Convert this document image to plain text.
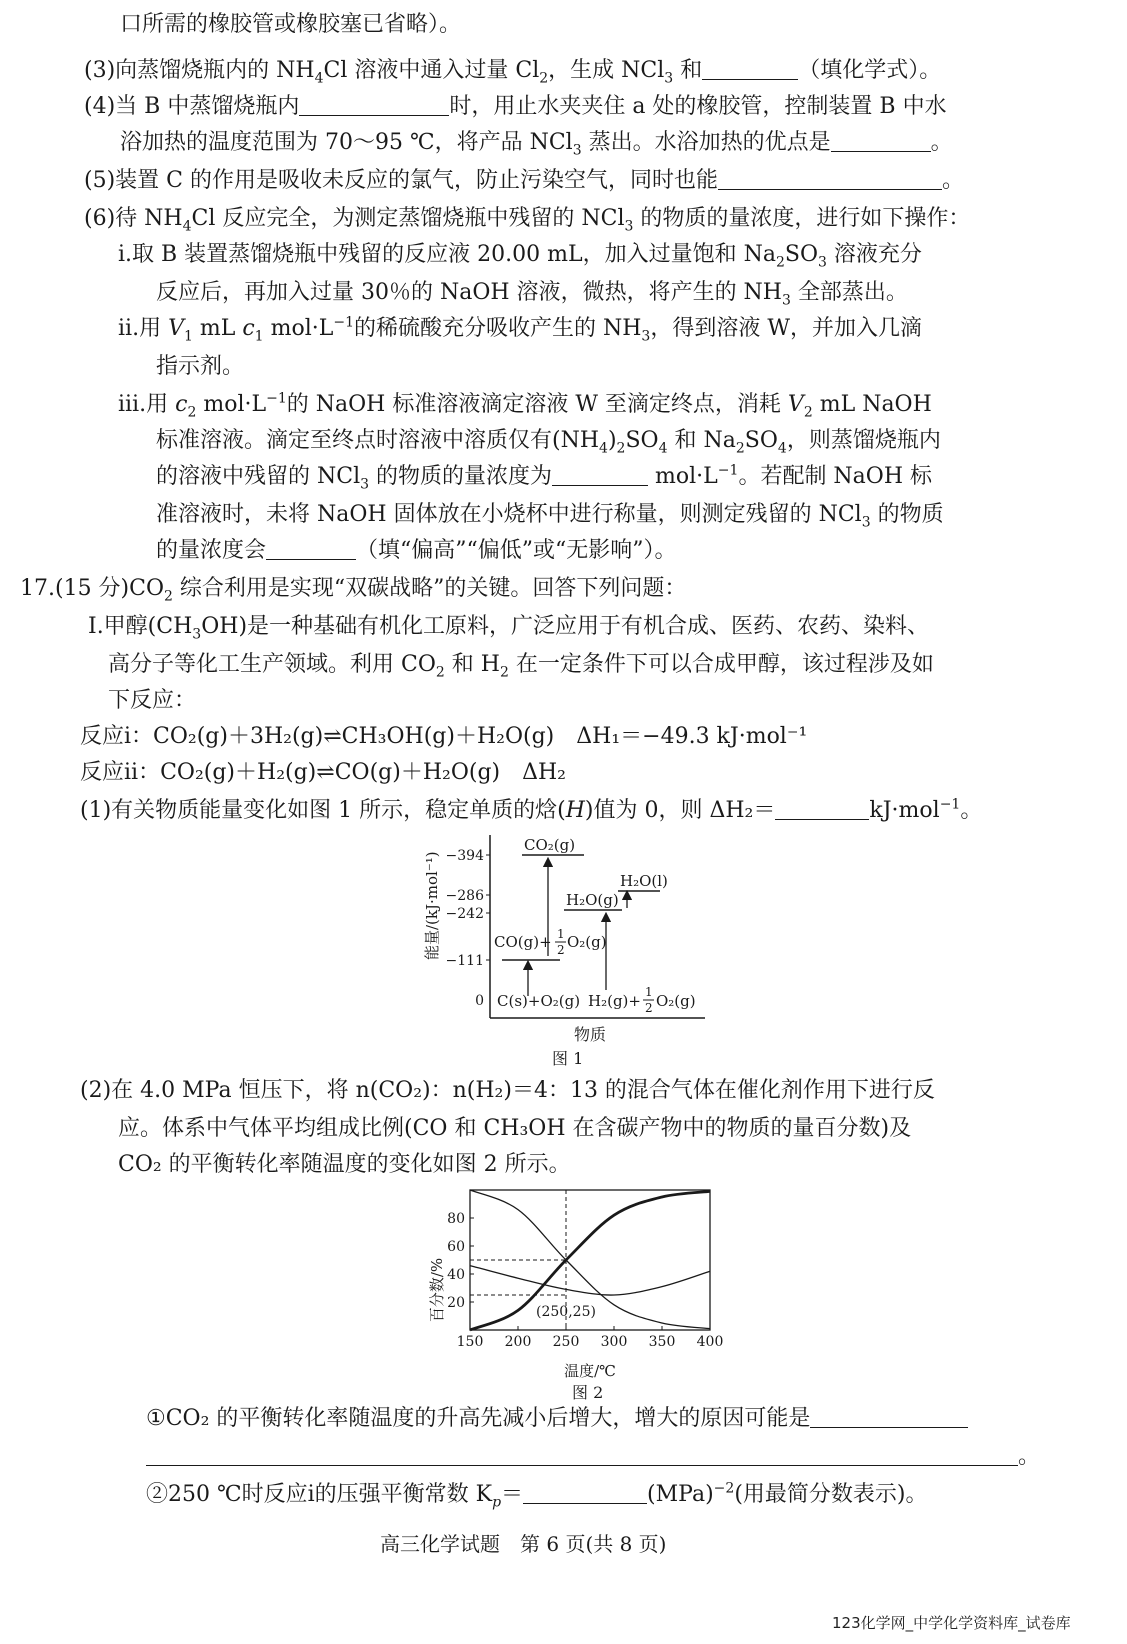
口所需的橡胶管或橡胶塞已省略）。
(3)向蒸馏烧瓶内的 $NH_4Cl$ 溶液中通入过量 $Cl_2$，生成 NCl$_3$ 和	（填化学式）。
(4)当 B 中蒸馏烧瓶内	时，用止水夹夹住 a 处的橡胶管，控制装置 B 中水
浴加热的温度范围为 70～95 ℃，将产品 NCl$_3$ 蒸出。水浴加热的优点是	。
(5)装置 C 的作用是吸收未反应的氯气，防止污染空气，同时也能	。
(6)待 $NH_4Cl$ 反应完全，为测定蒸馏烧瓶中残留的 NCl$_3$ 的物质的量浓度，进行如下操作：
ⅰ.取 B 装置蒸馏烧瓶中残留的反应液 20.00 mL，加入过量饱和 $Na_2SO_3$ 溶液充分
反应后，再加入过量 30％的 NaOH 溶液，微热，将产生的 $NH_3$ 全部蒸出。
ⅱ.用 $V_1$ mL $c_1$ $mol\cdot L^{-1}$的稀硫酸充分吸收产生的 $NH_3$，得到溶液 W，并加入几滴
指示剂。
ⅲ.用 $c_2$ $mol\cdot L^{-1}$的 NaOH 标准溶液滴定溶液 W 至滴定终点，消耗 $V_2$ mL NaOH
标准溶液。滴定至终点时溶液中溶质仅有$(NH_4)_2SO_4$ 和 $Na_2SO_4$，则蒸馏烧瓶内
的溶液中残留的 NCl$_3$ 的物质的量浓度为	$mol\cdot L^{-1}$。若配制 NaOH 标
准溶液时，未将 NaOH 固体放在小烧杯中进行称量，则测定残留的 NCl$_3$ 的物质
的量浓度会	（填“偏高”“偏低”或“无影响”）。
17.(15 分)$CO_2$ 综合利用是实现“双碳战略”的关键。回答下列问题：
Ⅰ.甲醇$(CH_3OH)$是一种基础有机化工原料，广泛应用于有机合成、医药、农药、染料、
高分子等化工生产领域。利用 $CO_2$ 和 $H_2$ 在一定条件下可以合成甲醇，该过程涉及如
下反应：
反应ⅰ：CO₂(g)＋3H₂(g)⇌CH₃OH(g)＋H₂O(g)　ΔH₁＝−49.3 kJ·mol⁻¹
反应ⅱ：CO₂(g)＋H₂(g)⇌CO(g)＋H₂O(g)　ΔH₂
(1)有关物质能量变化如图 1 所示，稳定单质的焓(H)值为 0，则 ΔH₂＝	kJ·mol$^{-1}$。
−394
−286
−242
−111
0
能量/(kJ·mol⁻¹)
CO₂(g)
H₂O(l)
H₂O(g)
CO(g)+ 1
2 O₂(g)
C(s)+O₂(g) H₂(g)+ 1
2 O₂(g)
物质
图 1
(2)在 4.0 MPa 恒压下，将 n(CO₂)：n(H₂)＝4：13 的混合气体在催化剂作用下进行反
应。体系中气体平均组成比例(CO 和 CH₃OH 在含碳产物中的物质的量百分数)及
CO₂ 的平衡转化率随温度的变化如图 2 所示。
百分数/%
温度/℃
20
40
60
80
150 200 250 300 350 400
(250,25)
图 2
①CO₂ 的平衡转化率随温度的升高先减小后增大，增大的原因可能是
。
②250 ℃时反应ⅰ的压强平衡常数 $K_p=$	(MPa)$^{-2}$(用最简分数表示)。
高三化学试题　第 6 页(共 8 页)
123化学网_中学化学资料库_试卷库
